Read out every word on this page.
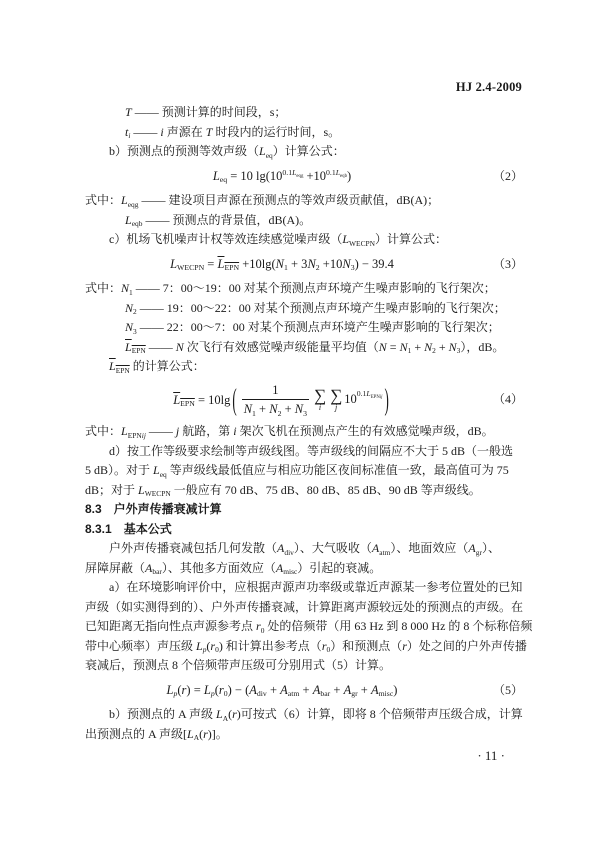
HJ 2.4-2009
T —— 预测计算的时间段，s；
$t_i$ —— i 声源在 T 时段内的运行时间，s。
b）预测点的预测等效声级$(L_{eq})$计算公式：
$L_{eq} = 10$ $\lg(10^{0.1L_{eqg}} +10^{0.1L_{eqb}})$	（2）
式中：$L_{eqg}$ —— 建设项目声源在预测点的等效声级贡献值，dB(A)；
$L_{eqb}$ —— 预测点的背景值，dB(A)。
c）机场飞机噪声计权等效连续感觉噪声级$(L_{WECPN})$计算公式：
$L_{WECPN} = L_{EPN} +10\lg(N_1 + 3N_2 +10N_3) - 39.4$	（3）
式中：$N_1$ —— 7：00～19：00 对某个预测点声环境产生噪声影响的飞行架次；
$N_2$ —— 19：00～22：00 对某个预测点声环境产生噪声影响的飞行架次；
$N_3$ —— 22：00～7：00 对某个预测点声环境产生噪声影响的飞行架次；
$L_{EPN}$ —— N 次飞行有效感觉噪声级能量平均值$(N = N_1 + N_2 + N_3)$，dB。
$L_{EPN}$ 的计算公式：
$L_{EPN} = 10\lg$ ( $\frac{1}{N_1 + N_2 + N_3}$ ∑
i
∑
j
$10^{0.1L_{EPNij}}$ )	（4）
式中：$L_{EPNij}$ —— j 航路，第 i 架次飞机在预测点产生的有效感觉噪声级，dB。
d）按工作等级要求绘制等声级线图。等声级线的间隔应不大于 5 dB（一般选
5 dB）。对于 $L_{eq}$ 等声级线最低值应与相应功能区夜间标准值一致，最高值可为 75
dB；对于 $L_{WECPN}$ 一般应有 70 dB、75 dB、80 dB、85 dB、90 dB 等声级线。
8.3　户外声传播衰减计算
8.3.1　基本公式
户外声传播衰减包括几何发散$(A_{div})$、大气吸收$(A_{atm})$、地面效应$(A_{gr})$、
屏障屏蔽$(A_{bar})$、其他多方面效应$(A_{misc})$引起的衰减。
a）在环境影响评价中，应根据声源声功率级或靠近声源某一参考位置处的已知
声级（如实测得到的）、户外声传播衰减，计算距离声源较远处的预测点的声级。在
已知距离无指向性点声源参考点 $r_0$ 处的倍频带（用 63 Hz 到 8 000 Hz 的 8 个标称倍频
带中心频率）声压级 $L_p(r_0)$ 和计算出参考点$(r_0)$和预测点（r）处之间的户外声传播
衰减后，预测点 8 个倍频带声压级可分别用式（5）计算。
$L_p(r) = L_p(r_0) - (A_{div} + A_{atm} + A_{bar} + A_{gr} + A_{misc})$	（5）
b）预测点的 A 声级 $L_A(r)$可按式（6）计算，即将 8 个倍频带声压级合成，计算
出预测点的 A 声级$[L_A(r)]$。
· 11 ·
